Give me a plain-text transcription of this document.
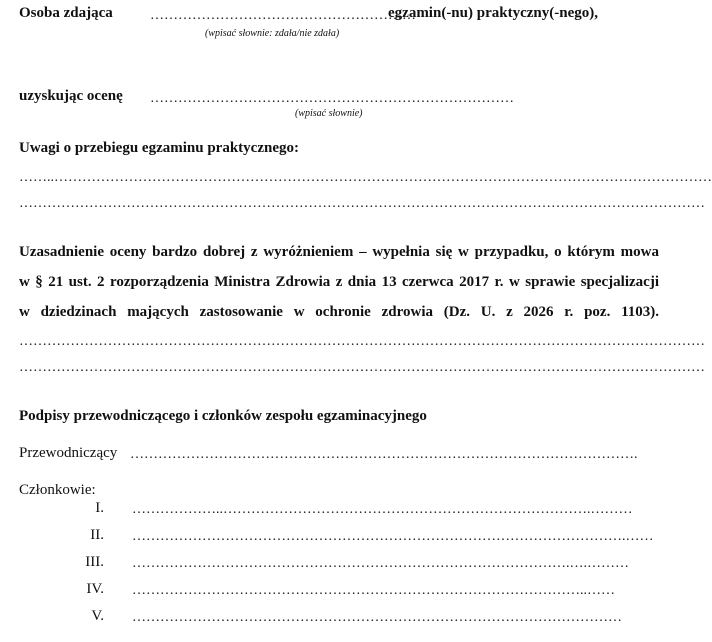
Osoba zdająca	…………………………………………………
egzamin(-nu) praktyczny(-nego),
(wpisać słownie: zdała/nie zdała)
uzyskując ocenę ……………………………………………………………………
(wpisać słownie)
Uwagi o przebiegu egzaminu praktycznego:
……..……………………………………………………………………………………………………………………………
…………………………………………………………………………………………………………………………………
Uzasadnienie oceny bardzo dobrej z wyróżnieniem – wypełnia się w przypadku, o którym mowa
w § 21 ust. 2 rozporządzenia Ministra Zdrowia z dnia 13 czerwca 2017 r. w sprawie specjalizacji
w dziedzinach mających zastosowanie w ochronie zdrowia (Dz. U. z 2026 r. poz. 1103).
…………………………………………………………………………………………………………………………………
…………………………………………………………………………………………………………………………………
Podpisy przewodniczącego i członków zespołu egzaminacyjnego
Przewodniczący ……………………………………………………………………………………………….
Członkowie:
I. ………………..…………………………………………………………………….………
II. …………………………………………………………………………………………….……
III. ………………………………………………………………………………….….………
IV. ……………………………………………………………………………………..……
V. ……………………………………………………………………………………………
